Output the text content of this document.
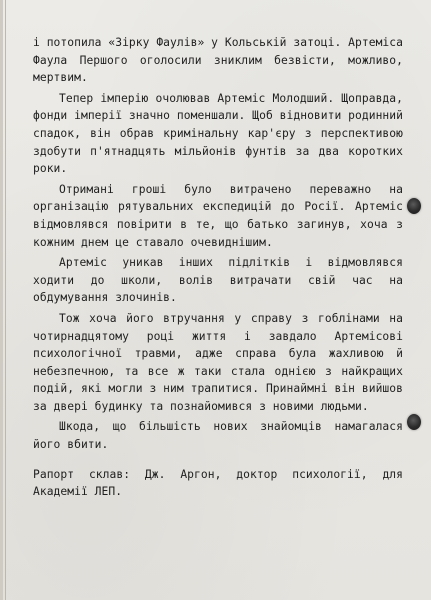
і потопила «Зірку Фаулів» у Кольській затоці. Артеміса Фаула Першого оголосили зниклим безвісти, можливо, мертвим.

Тепер імперію очолював Артеміс Молодший. Щоправда, фонди імперії значно поменшали. Щоб відновити родинний спадок, він обрав кримінальну кар'єру з перспективою здобути п'ятнадцять мільйонів фунтів за два коротких роки.

Отримані гроші було витрачено переважно на організацію рятувальних експедицій до Росії. Артеміс відмовлявся повірити в те, що батько загинув, хоча з кожним днем це ставало очевиднішим.

Артеміс уникав інших підлітків і відмовлявся ходити до школи, волів витрачати свій час на обдумування злочинів.

Тож хоча його втручання у справу з гоблінами на чотирнадцятому році життя і завдало Артемісові психологічної травми, адже справа була жахливою й небезпечною, та все ж таки стала однією з найкращих подій, які могли з ним трапитися. Принаймні він вийшов за двері будинку та познайомився з новими людьми.

Шкода, що більшість нових знайомців намагалася його вбити.

Рапорт склав: Дж. Аргон, доктор психології, для Академії ЛЕП.
